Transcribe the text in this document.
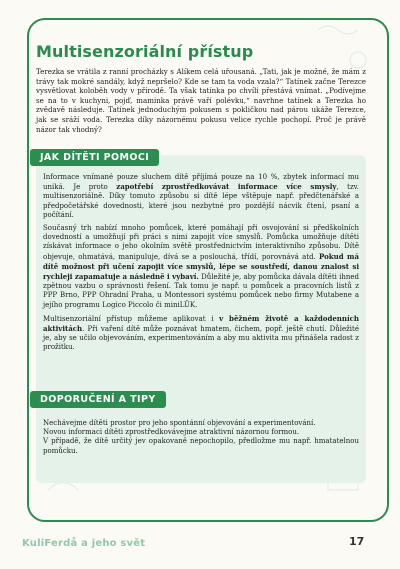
Multisenzoriální přístup
Terezka se vrátila z ranní procházky s Alíkem celá uřousaná. „Tati, jak je možné, že mám z trávy tak mokré sandály, když nepršelo? Kde se tam ta voda vzala?“ Tatínek začne Terezce vysvětlovat koloběh vody v přírodě. Ta však tatínka po chvíli přestává vnímat. „Podívejme se na to v kuchyni, pojď, maminka právě vaří polévku,“ navrhne tatínek a Terezka ho zvědavě následuje. Tatínek jednoduchým pokusem s pokličkou nad párou ukáže Terezce, jak se sráží voda. Terezka díky názornému pokusu velice rychle pochopí. Proč je právě názor tak vhodný?
JAK DÍTĚTI POMOCI

Informace vnímané pouze sluchem dítě příjímá pouze na 10 %, zbytek informací mu uniká. Je proto zapotřebí zprostředkovávat informace více smysly, tzv. multisenzoriálně. Díky tomuto způsobu si dítě lépe vštěpuje např. předčtenářské a předpočetářské dovednosti, které jsou nezbytné pro pozdější nácvik čtení, psaní a počítání.

Současný trh nabízí mnoho pomůcek, které pomáhají při osvojování si předškolních dovedností a umožňují při práci s nimi zapojit více smyslů. Pomůcka umožňuje dítěti získávat informace o jeho okolním světě prostřednictvím interaktivního způsobu. Dítě objevuje, ohmatává, manipuluje, dívá se a poslouchá, třídí, porovnává atd. Pokud má dítě možnost při učení zapojit více smyslů, lépe se soustředí, danou znalost si rychleji zapamatuje a následně i vybaví. Důležité je, aby pomůcka dávala dítěti ihned zpětnou vazbu o správnosti řešení. Tak tomu je např. u pomůcek a pracovních listů z PPP Brno, PPP Ohradní Praha, u Montessori systému pomůcek nebo firmy Mutabene a jejího programu Logico Piccolo či miniLÜK.

Multisenzoriální přístup můžeme aplikovat i v běžném životě a každodenních aktivitách. Při vaření dítě může poznávat hmatem, čichem, popř. ještě chutí. Důležité je, aby se učilo objevováním, experimentováním a aby mu aktivita mu přinášela radost z prožitku.

DOPORUČENÍ A TIPY

Nechávejme dítěti prostor pro jeho spontánní objevování a experimentování.

Novou informaci dítěti zprostředkovávejme atraktivní názornou formou.

V případě, že dítě určitý jev opakovaně nepochopilo, předložme mu např. hmatatelnou pomůcku.

KuliFerdå a jeho svět	17
